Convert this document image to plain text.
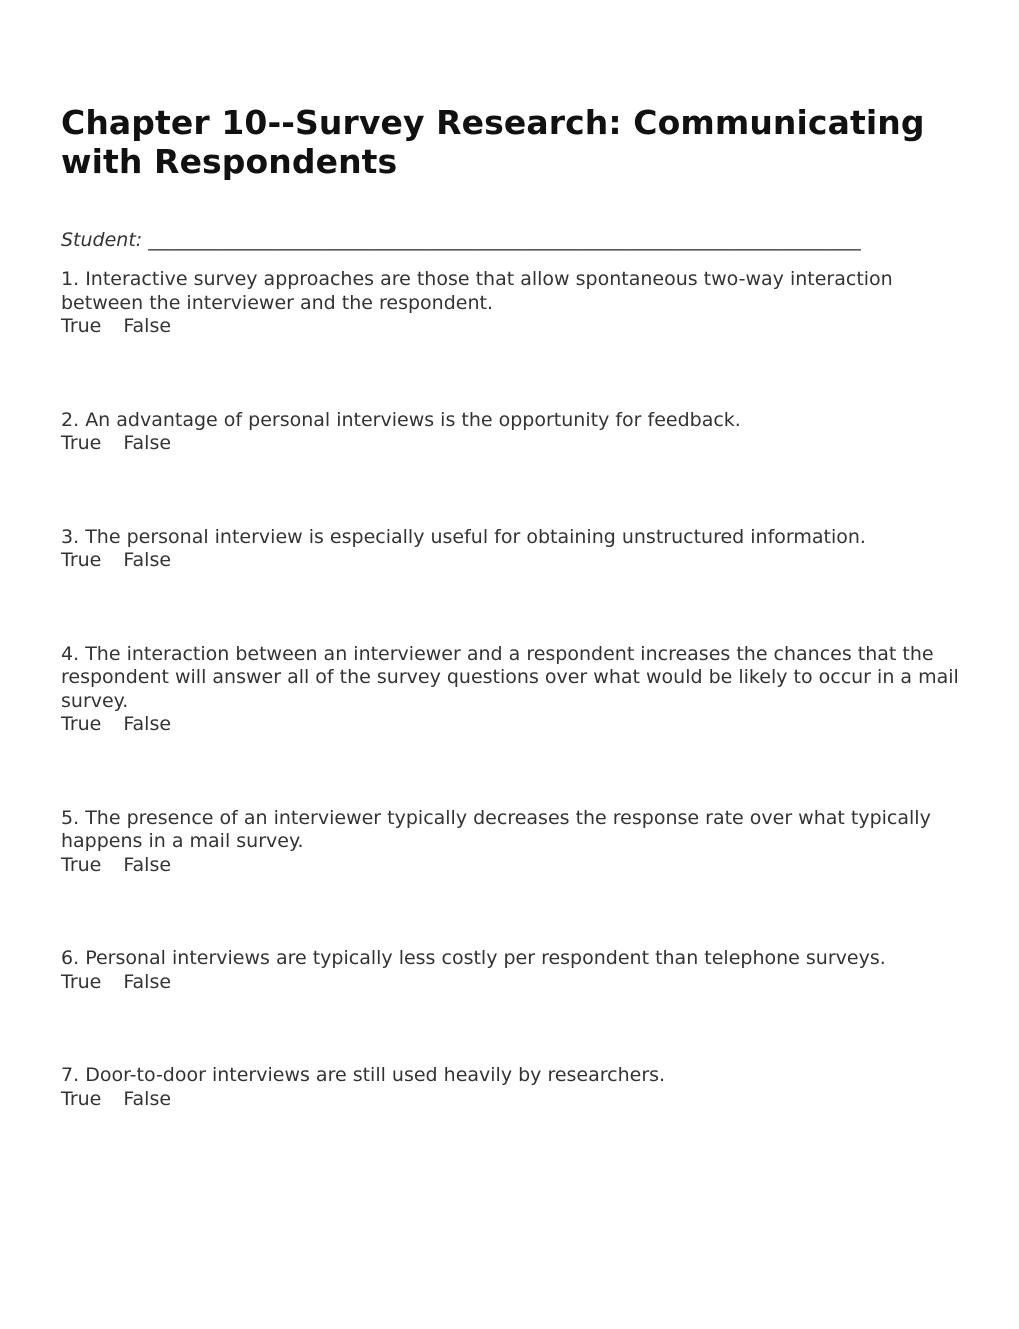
Chapter 10--Survey Research: Communicating with Respondents
Student: ___________________________________________________________________________

1. Interactive survey approaches are those that allow spontaneous two-way interaction between the interviewer and the respondent.

True False

2. An advantage of personal interviews is the opportunity for feedback.

True False

3. The personal interview is especially useful for obtaining unstructured information.

True False

4. The interaction between an interviewer and a respondent increases the chances that the respondent will answer all of the survey questions over what would be likely to occur in a mail survey.

True False

5. The presence of an interviewer typically decreases the response rate over what typically happens in a mail survey.

True False

6. Personal interviews are typically less costly per respondent than telephone surveys.

True False

7. Door-to-door interviews are still used heavily by researchers.

True False
